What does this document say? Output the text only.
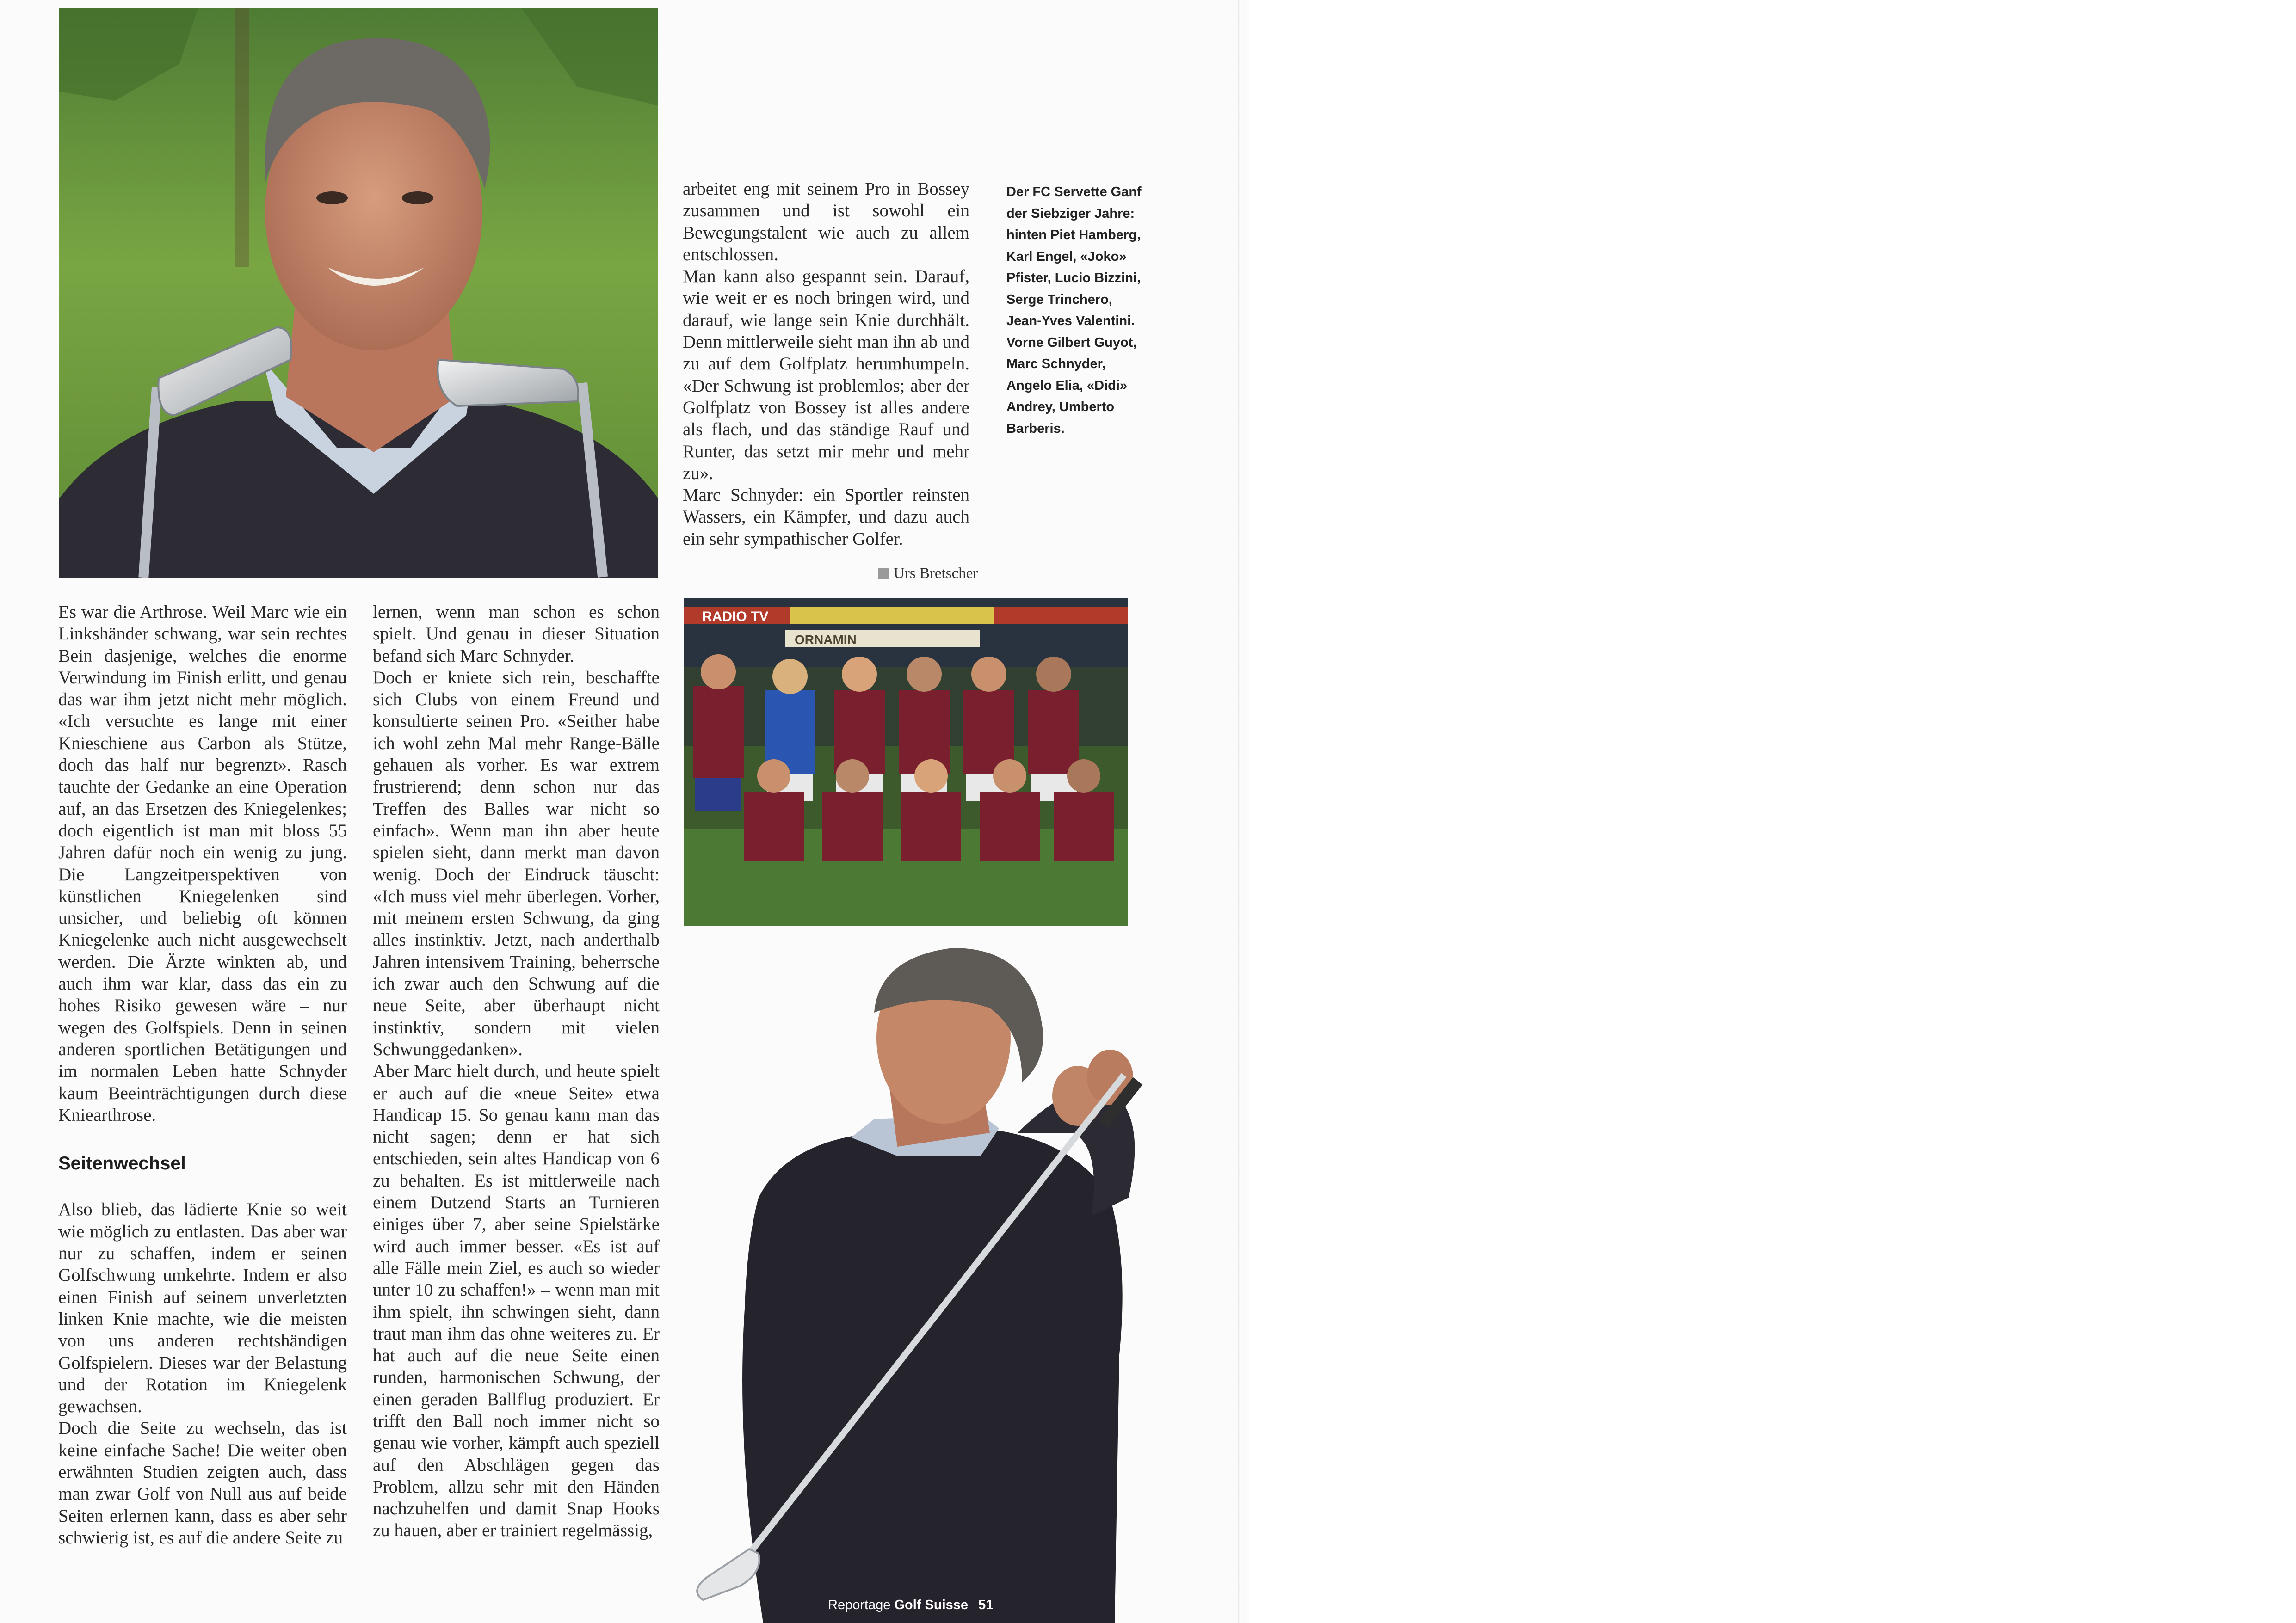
arbeitet eng mit seinem Pro in Bossey zusammen und ist sowohl ein Bewegungstalent wie auch zu allem entschlossen.

Man kann also gespannt sein. Darauf, wie weit er es noch bringen wird, und darauf, wie lange sein Knie durchhält. Denn mittlerweile sieht man ihn ab und zu auf dem Golfplatz herumhumpeln. «Der Schwung ist problemlos; aber der Golfplatz von Bossey ist alles andere als flach, und das ständige Rauf und Runter, das setzt mir mehr und mehr zu».

Marc Schnyder: ein Sportler reinsten Wassers, ein Kämpfer, und dazu auch ein sehr sympathischer Golfer.

Der FC Servette Ganf der Siebziger Jahre: hinten Piet Hamberg, Karl Engel, «Joko» Pfister, Lucio Bizzini, Serge Trinchero, Jean-Yves Valentini. Vorne Gilbert Guyot, Marc Schnyder, Angelo Elia, «Didi» Andrey, Umberto Barberis.
Urs Bretscher
RADIO TV
ORNAMIN

Es war die Arthrose. Weil Marc wie ein Linkshänder schwang, war sein rechtes Bein dasjenige, welches die enorme Verwindung im Finish erlitt, und genau das war ihm jetzt nicht mehr möglich. «Ich versuchte es lange mit einer Knieschiene aus Carbon als Stütze, doch das half nur begrenzt». Rasch tauchte der Gedanke an eine Operation auf, an das Ersetzen des Kniegelenkes; doch eigentlich ist man mit bloss 55 Jahren dafür noch ein wenig zu jung. Die Langzeitperspektiven von künstlichen Kniegelenken sind unsicher, und beliebig oft können Kniegelenke auch nicht ausgewechselt werden. Die Ärzte winkten ab, und auch ihm war klar, dass das ein zu hohes Risiko gewesen wäre – nur wegen des Golfspiels. Denn in seinen anderen sportlichen Betätigungen und im normalen Leben hatte Schnyder kaum Beeinträchtigungen durch diese Kniearthrose.

Seitenwechsel

Also blieb, das lädierte Knie so weit wie möglich zu entlasten. Das aber war nur zu schaffen, indem er seinen Golfschwung umkehrte. Indem er also einen Finish auf seinem unverletzten linken Knie machte, wie die meisten von uns anderen rechtshändigen Golfspielern. Dieses war der Belastung und der Rotation im Kniegelenk gewachsen.

Doch die Seite zu wechseln, das ist keine einfache Sache! Die weiter oben erwähnten Studien zeigten auch, dass man zwar Golf von Null aus auf beide Seiten erlernen kann, dass es aber sehr schwierig ist, es auf die andere Seite zu

lernen, wenn man schon es schon spielt. Und genau in dieser Situation befand sich Marc Schnyder.

Doch er kniete sich rein, beschaffte sich Clubs von einem Freund und konsultierte seinen Pro. «Seither habe ich wohl zehn Mal mehr Range-Bälle gehauen als vorher. Es war extrem frustrierend; denn schon nur das Treffen des Balles war nicht so einfach». Wenn man ihn aber heute spielen sieht, dann merkt man davon wenig. Doch der Eindruck täuscht: «Ich muss viel mehr überlegen. Vorher, mit meinem ersten Schwung, da ging alles instinktiv. Jetzt, nach anderthalb Jahren intensivem Training, beherrsche ich zwar auch den Schwung auf die neue Seite, aber überhaupt nicht instinktiv, sondern mit vielen Schwunggedanken».

Aber Marc hielt durch, und heute spielt er auch auf die «neue Seite» etwa Handicap 15. So genau kann man das nicht sagen; denn er hat sich entschieden, sein altes Handicap von 6 zu behalten. Es ist mittlerweile nach einem Dutzend Starts an Turnieren einiges über 7, aber seine Spielstärke wird auch immer besser. «Es ist auf alle Fälle mein Ziel, es auch so wieder unter 10 zu schaffen!» – wenn man mit ihm spielt, ihn schwingen sieht, dann traut man ihm das ohne weiteres zu. Er hat auch auf die neue Seite einen runden, harmonischen Schwung, der einen geraden Ballflug produziert. Er trifft den Ball noch immer nicht so genau wie vorher, kämpft auch speziell auf den Abschlägen gegen das Problem, allzu sehr mit den Händen nachzuhelfen und damit Snap Hooks zu hauen, aber er trainiert regelmässig,

Reportage Golf Suisse 51
